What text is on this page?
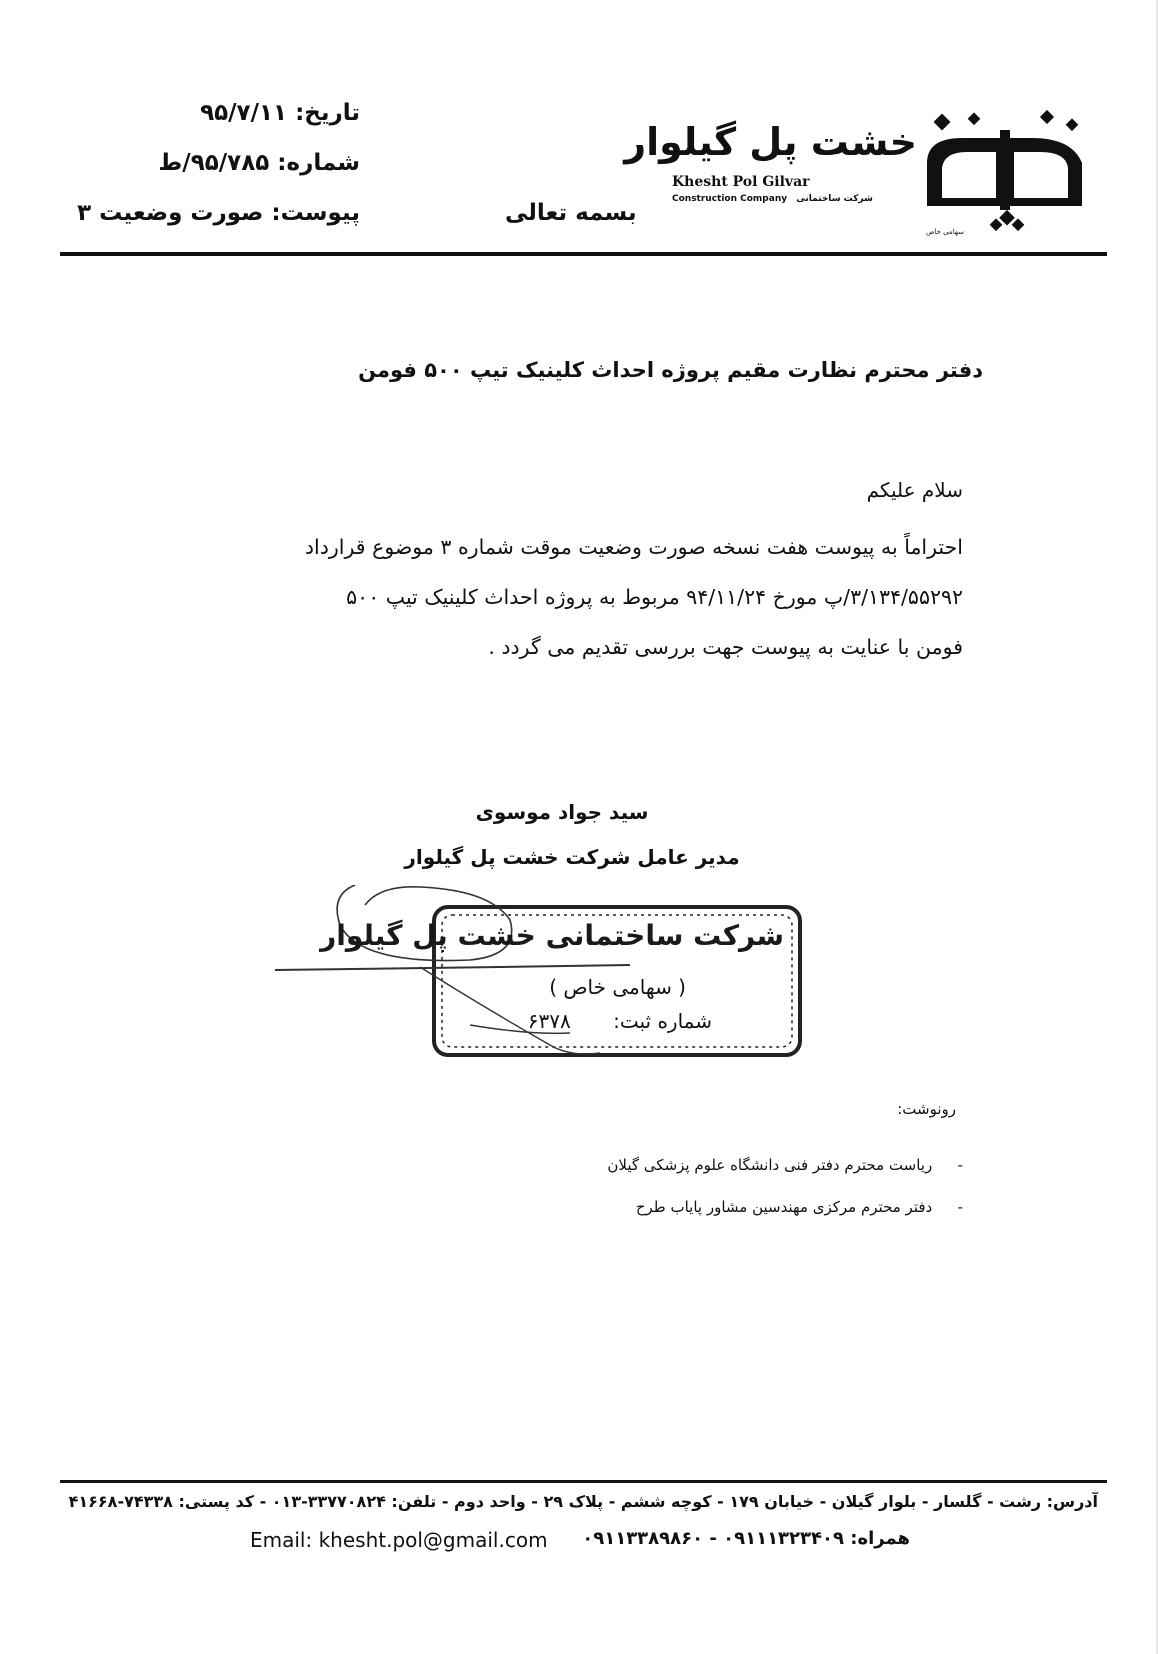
خشت پل گیلوار
Khesht Pol Gilvar
Construction Company شرکت ساختمانی
سهامی خاص
تاریخ: ۹۵/۷/۱۱
شماره: ۹۵/۷۸۵/ط
پیوست: صورت وضعیت ۳	بسمه تعالی
دفتر محترم نظارت مقیم پروژه احداث کلینیک تیپ ۵۰۰ فومن
سلام علیکم

احتراماً به پیوست هفت نسخه صورت وضعیت موقت شماره ۳ موضوع قرارداد

۳/۱۳۴/۵۵۲۹۲/پ مورخ ۹۴/۱۱/۲۴ مربوط به پروژه احداث کلینیک تیپ ۵۰۰

فومن با عنایت به پیوست جهت بررسی تقدیم می گردد .

سید جواد موسوی
مدیر عامل شرکت خشت پل گیلوار
شرکت ساختمانی خشت پل گیلوار
( سهامی خاص )
شماره ثبت: ۶۳۷۸
رونوشت:
- ریاست محترم دفتر فنی دانشگاه علوم پزشکی گیلان
- دفتر محترم مرکزی مهندسین مشاور پایاب طرح
آدرس: رشت - گلسار - بلوار گیلان - خیابان ۱۷۹ - کوچه ششم - پلاک ۲۹ - واحد دوم - تلفن: ۳۳۷۷۰۸۲۴-۰۱۳ - کد پستی: ۷۴۳۳۸-۴۱۶۶۸
Email: khesht.pol@gmail.com همراه: ۰۹۱۱۱۳۲۳۴۰۹ - ۰۹۱۱۳۳۸۹۸۶۰
